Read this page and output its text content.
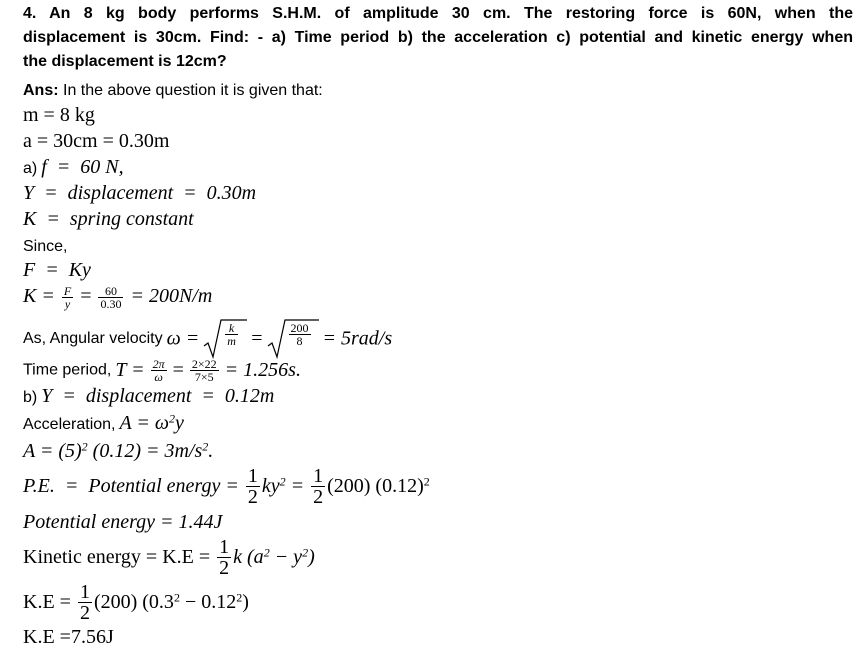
4. An 8 kg body performs S.H.M. of amplitude 30 cm. The restoring force is 60N, when the
displacement is 30cm. Find: - a) Time period b) the acceleration c) potential and kinetic energy when
the displacement is 12cm?
Ans: In the above question it is given that:
m = 8 kg
a = 30cm = 0.30m
a) f  =  60 N,
Y  =  displacement  =  0.30m
K  =  spring constant
Since,
F  =  Ky
$K = \frac{F}{y} = \frac{60}{0.30} = 200N/m$
As, Angular velocity $\omega = \frac{k}{m} = \frac{200}{8} = 5rad/s$
Time period, $T = \frac{2\pi}{\omega} = \frac{2\times 22}{7\times 5} = 1.256s$.
b) Y  =  displacement  =  0.12m
Acceleration, $A = \omega^2y$
$A = (5)^2$ $(0.12) = 3m/s^2$.
P.E.  =  Potential energy = $\frac{1}{2} ky^2 = \frac{1}{2} (200)$ $(0.12)^2$
Potential energy = 1.44J
Kinetic energy = $K.E = \frac{1}{2}$ k $(a^2 - y^2)$
$K.E = \frac{1}{2} (200) (0.3^2 - 0.12^2)$
K.E =7.56J
